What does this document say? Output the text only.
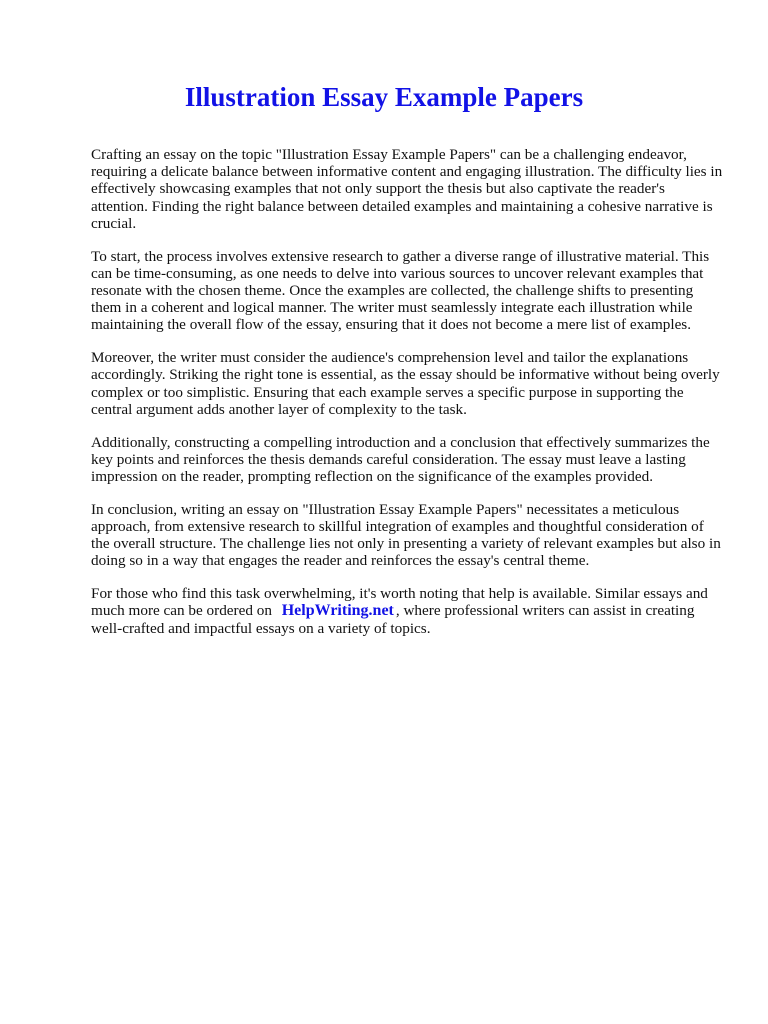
Illustration Essay Example Papers

Crafting an essay on the topic "Illustration Essay Example Papers" can be a challenging endeavor, requiring a delicate balance between informative content and engaging illustration. The difficulty lies in effectively showcasing examples that not only support the thesis but also captivate the reader's attention. Finding the right balance between detailed examples and maintaining a cohesive narrative is crucial.

To start, the process involves extensive research to gather a diverse range of illustrative material. This can be time-consuming, as one needs to delve into various sources to uncover relevant examples that resonate with the chosen theme. Once the examples are collected, the challenge shifts to presenting them in a coherent and logical manner. The writer must seamlessly integrate each illustration while maintaining the overall flow of the essay, ensuring that it does not become a mere list of examples.

Moreover, the writer must consider the audience's comprehension level and tailor the explanations accordingly. Striking the right tone is essential, as the essay should be informative without being overly complex or too simplistic. Ensuring that each example serves a specific purpose in supporting the central argument adds another layer of complexity to the task.

Additionally, constructing a compelling introduction and a conclusion that effectively summarizes the key points and reinforces the thesis demands careful consideration. The essay must leave a lasting impression on the reader, prompting reflection on the significance of the examples provided.

In conclusion, writing an essay on "Illustration Essay Example Papers" necessitates a meticulous approach, from extensive research to skillful integration of examples and thoughtful consideration of the overall structure. The challenge lies not only in presenting a variety of relevant examples but also in doing so in a way that engages the reader and reinforces the essay's central theme.

For those who find this task overwhelming, it's worth noting that help is available. Similar essays and much more can be ordered on HelpWriting.net , where professional writers can assist in creating well-crafted and impactful essays on a variety of topics.
